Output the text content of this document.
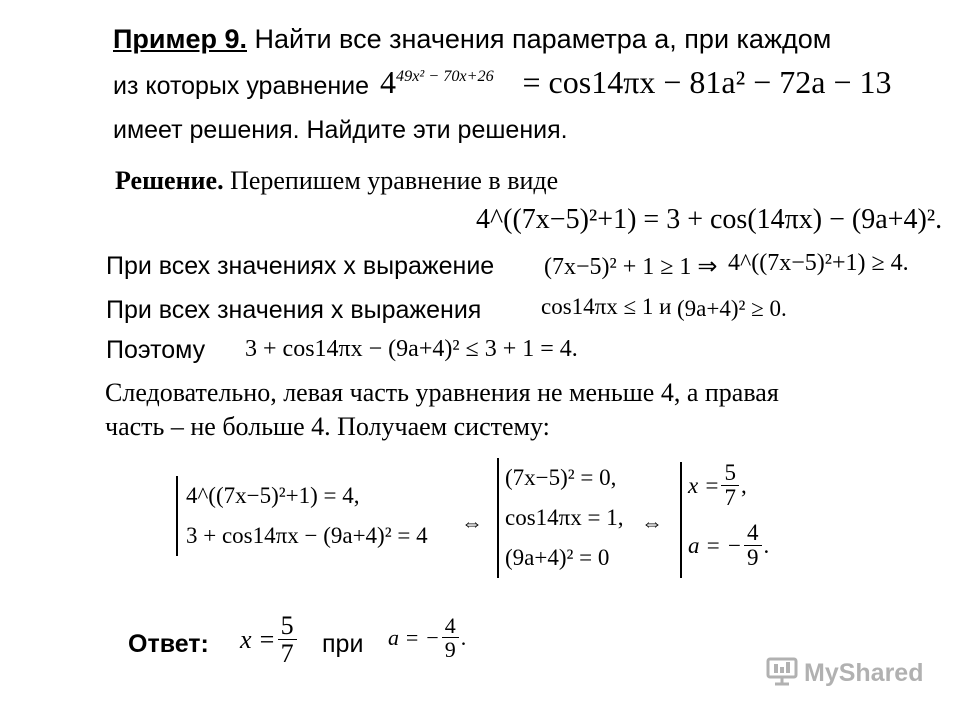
Пример 9. Найти все значения параметра а, при каждом
из которых уравнение $4^{49x^2 - 70x+26} = \cos 14\pi x - 81a^2 - 72a - 13$
имеет решения. Найдите эти решения.
Решение. Перепишем уравнение в виде
4^((7x−5)²+1) = 3 + cos(14πx) − (9a+4)².
При всех значениях x выражение (7x−5)² + 1 ≥ 1 ⇒ 4^((7x−5)²+1) ≥ 4.
При всех значения x выражения	cos14πx ≤ 1 и (9a+4)² ≥ 0.
Поэтому 3 + cos14πx − (9a+4)² ≤ 3 + 1 = 4.
Следовательно, левая часть уравнения не меньше 4, а правая
часть – не больше 4. Получаем систему:
4^((7x−5)²+1) = 4,
3 + cos14πx − (9a+4)² = 4
⇔
(7x−5)² = 0,
cos14πx = 1,
(9a+4)² = 0
⇔
$x = \frac{5}{7}$ ,
a = − $\frac{4}{9}$ .
Ответ: $x = \frac{5}{7}$ при a = − $\frac{4}{9}$ .
MyShared
